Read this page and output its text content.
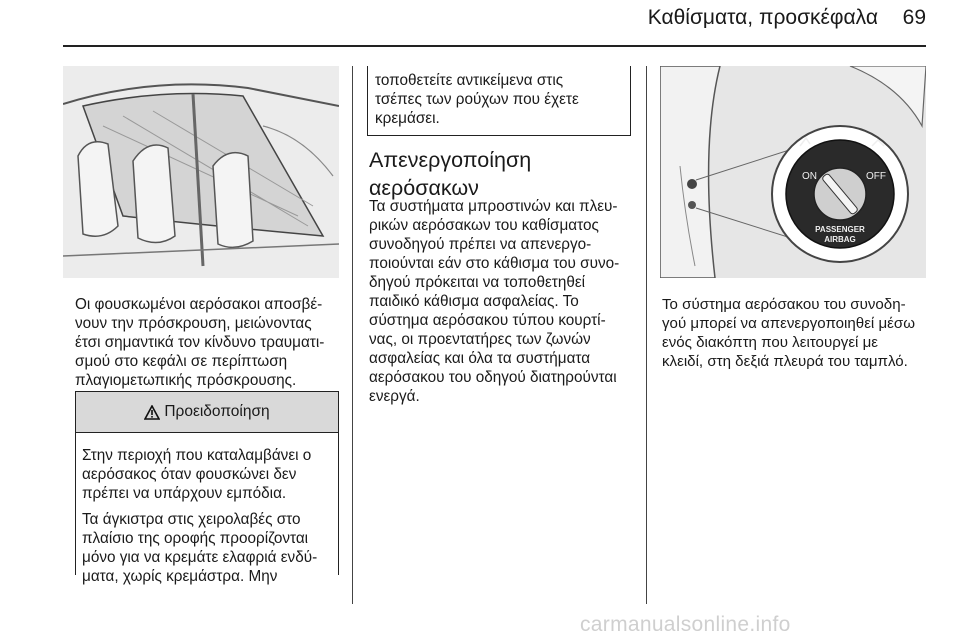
Καθίσματα, προσκέφαλα 69
Οι φουσκωμένοι αερόσακοι αποσβέ-
νουν την πρόσκρουση, μειώνοντας
έτσι σημαντικά τον κίνδυνο τραυματι-
σμού στο κεφάλι σε περίπτωση
πλαγιομετωπικής πρόσκρουσης.
Προειδοποίηση
Στην περιοχή που καταλαμβάνει ο
αερόσακος όταν φουσκώνει δεν
πρέπει να υπάρχουν εμπόδια.
Τα άγκιστρα στις χειρολαβές στο
πλαίσιο της οροφής προορίζονται
μόνο για να κρεμάτε ελαφριά ενδύ-
ματα, χωρίς κρεμάστρα. Μην
τοποθετείτε αντικείμενα στις
τσέπες των ρούχων που έχετε
κρεμάσει.
Απενεργοποίηση
αερόσακων
Τα συστήματα μπροστινών και πλευ-
ρικών αερόσακων του καθίσματος
συνοδηγού πρέπει να απενεργο-
ποιούνται εάν στο κάθισμα του συνο-
δηγού πρόκειται να τοποθετηθεί
παιδικό κάθισμα ασφαλείας. Το
σύστημα αερόσακου τύπου κουρτί-
νας, οι προεντατήρες των ζωνών
ασφαλείας και όλα τα συστήματα
αερόσακου του οδηγού διατηρούνται
ενεργά.
ON	OFF
PASSENGER
AIRBAG
Το σύστημα αερόσακου του συνοδη-
γού μπορεί να απενεργοποιηθεί μέσω
ενός διακόπτη που λειτουργεί με
κλειδί, στη δεξιά πλευρά του ταμπλό.
carmanualsonline.info
